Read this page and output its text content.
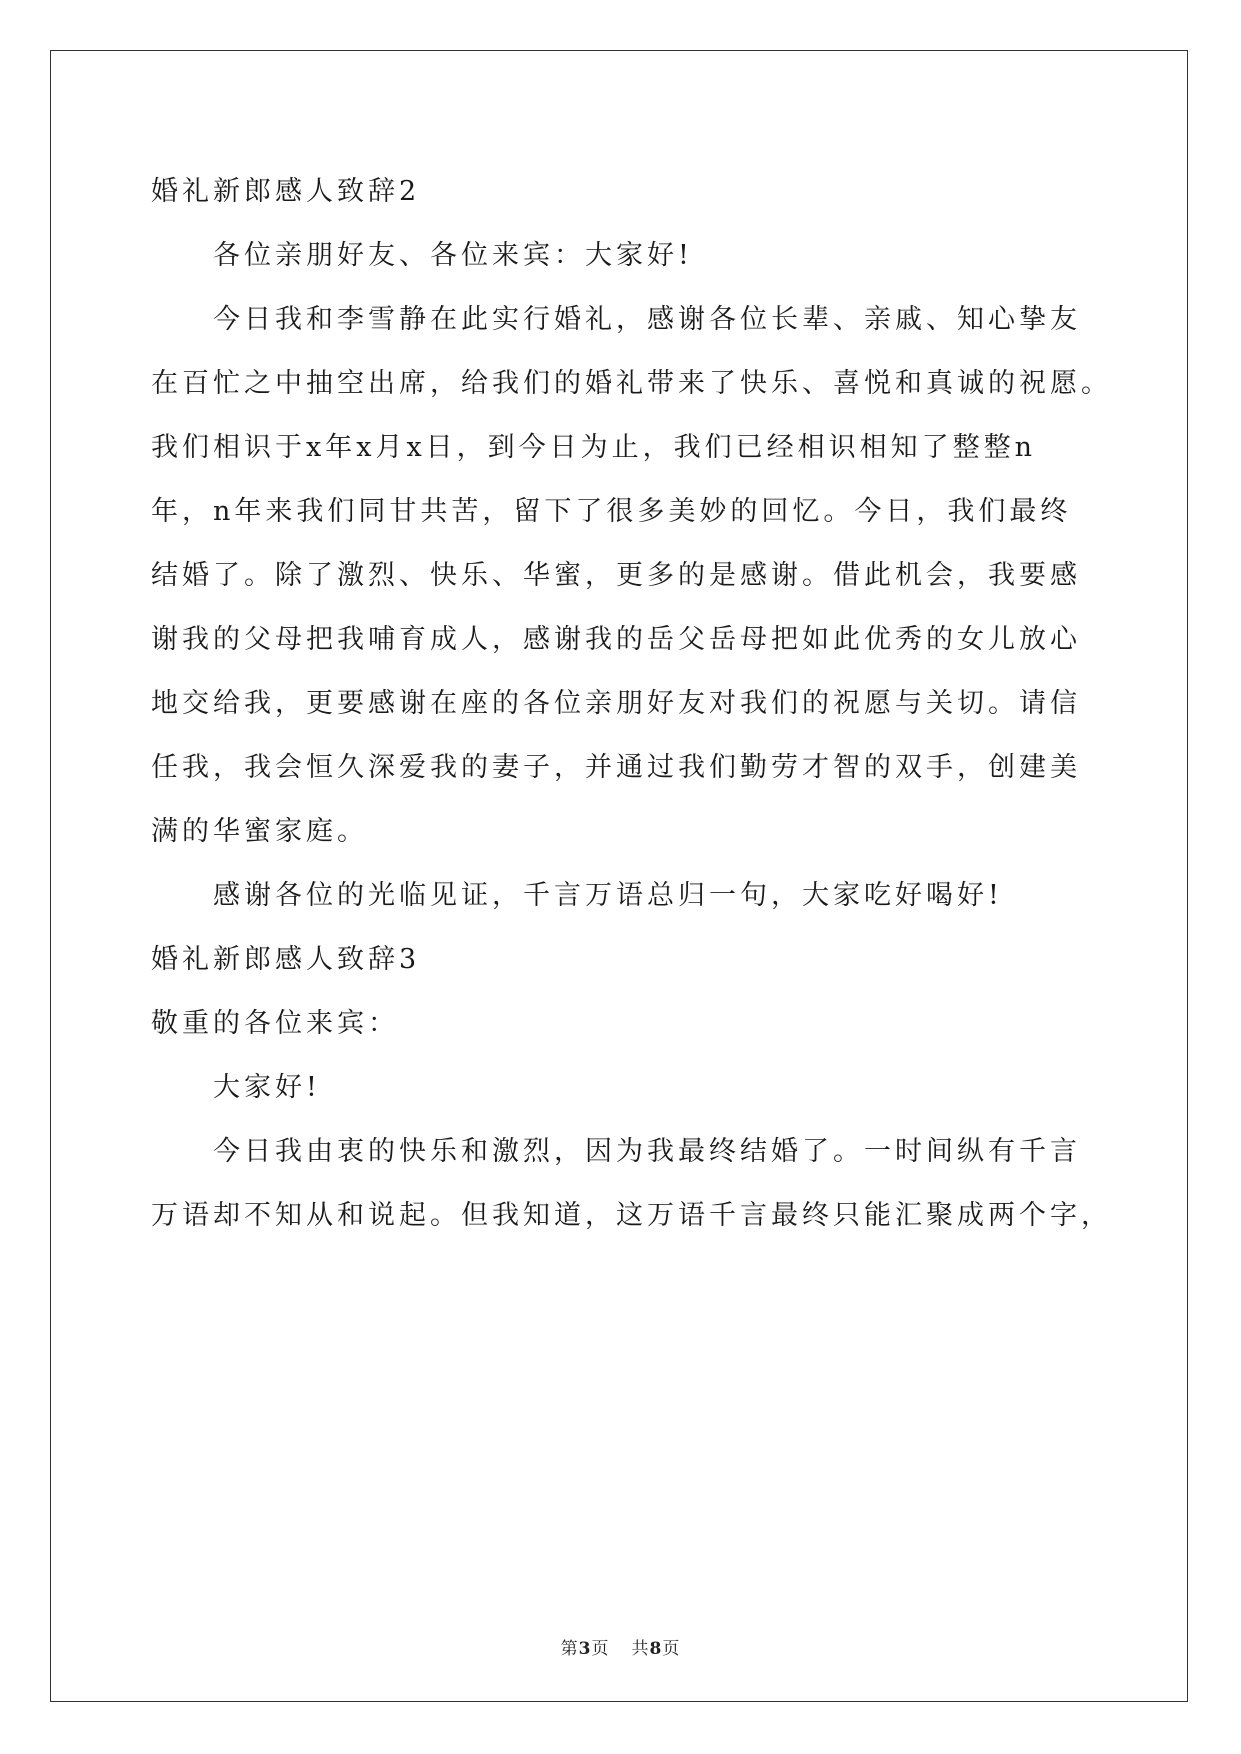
婚礼新郎感人致辞2

各位亲朋好友、各位来宾：大家好!

今日我和李雪静在此实行婚礼，感谢各位长辈、亲戚、知心挚友

在百忙之中抽空出席，给我们的婚礼带来了快乐、喜悦和真诚的祝愿。

我们相识于x年x月x日，到今日为止，我们已经相识相知了整整n

年，n年来我们同甘共苦，留下了很多美妙的回忆。今日，我们最终

结婚了。除了激烈、快乐、华蜜，更多的是感谢。借此机会，我要感

谢我的父母把我哺育成人，感谢我的岳父岳母把如此优秀的女儿放心

地交给我，更要感谢在座的各位亲朋好友对我们的祝愿与关切。请信

任我，我会恒久深爱我的妻子，并通过我们勤劳才智的双手，创建美

满的华蜜家庭。

感谢各位的光临见证，千言万语总归一句，大家吃好喝好!

婚礼新郎感人致辞3

敬重的各位来宾：

大家好!

今日我由衷的快乐和激烈，因为我最终结婚了。一时间纵有千言

万语却不知从和说起。但我知道，这万语千言最终只能汇聚成两个字，

第3页 共8页
